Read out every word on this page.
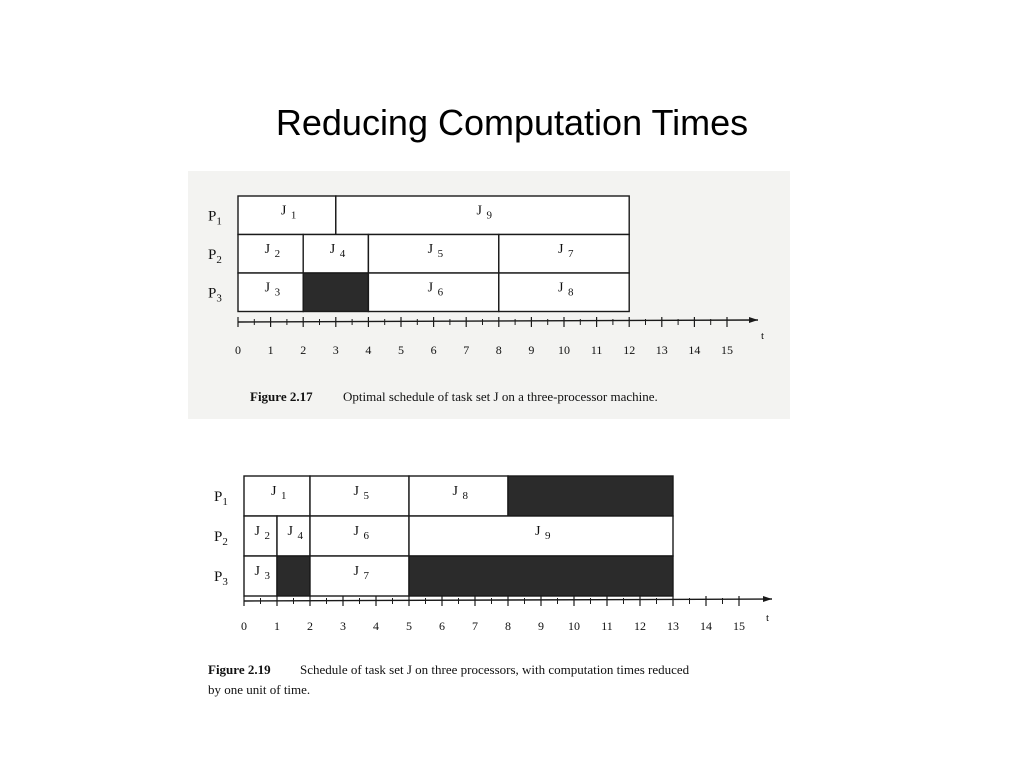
Reducing Computation Times
$P_1$
$P_2$
$P_3$
J 1	J 9
J 2	J 4	J 5	J 7
J 3	J 6	J 8
0 1 2 3 4 5 6 7 8 9 10 11 12 13 14 15
t
Figure 2.17 Optimal schedule of task set J on a three-processor machine.
$P_1$
$P_2$
$P_3$
J 1	J 5	J 8
J 2 J 4	J 6	J 9
J 3	J 7
0 1 2 3 4 5 6 7 8 9 10 11 12 13 14 15
t
Figure 2.19 Schedule of task set J on three processors, with computation times reduced
by one unit of time.
